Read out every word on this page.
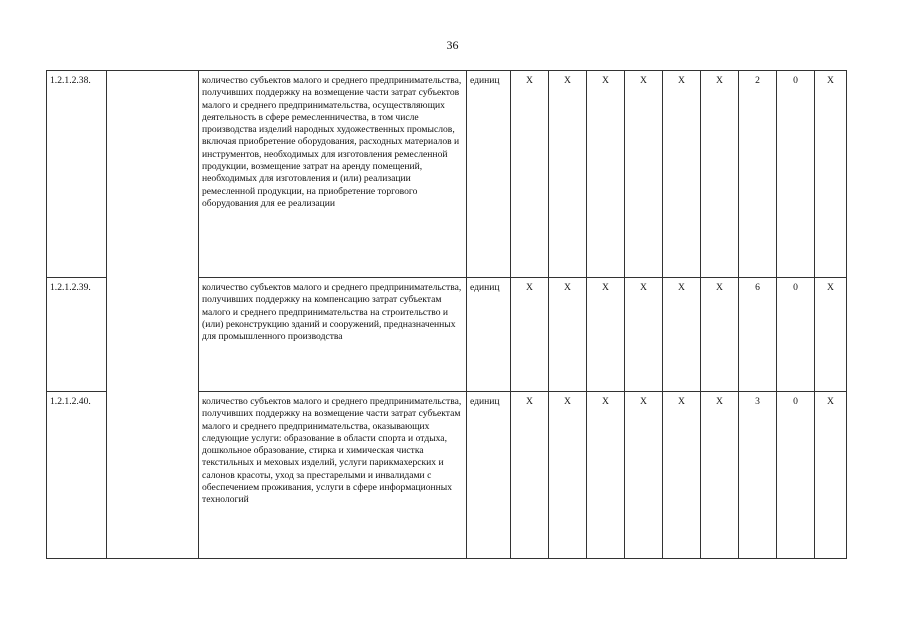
36
1.2.1.2.38.		количество субъектов малого и среднего предпринимательства, получивших поддержку на возмещение части затрат субъектов малого и среднего предпринимательства, осуществляющих деятельность в сфере ремесленничества, в том числе производства изделий народных художественных промыслов, включая приобретение оборудования, расходных материалов и инструментов, необходимых для изготовления ремесленной продукции, возмещение затрат на аренду помещений, необходимых для изготовления и (или) реализации ремесленной продукции, на приобретение торгового оборудования для ее реализации	единиц	X	X	X	X	X	X	2	0	X
1.2.1.2.39.		количество субъектов малого и среднего предпринимательства, получивших поддержку на компенсацию затрат субъектам малого и среднего предпринимательства на строительство и (или) реконструкцию зданий и сооружений, предназначенных для промышленного производства	единиц	X	X	X	X	X	X	6	0	X
1.2.1.2.40.		количество субъектов малого и среднего предпринимательства, получивших поддержку на возмещение части затрат субъектам малого и среднего предпринимательства, оказывающих следующие услуги: образование в области спорта и отдыха, дошкольное образование, стирка и химическая чистка текстильных и меховых изделий, услуги парикмахерских и салонов красоты, уход за престарелыми и инвалидами с обеспечением проживания, услуги в сфере информационных технологий	единиц	X	X	X	X	X	X	3	0	X
